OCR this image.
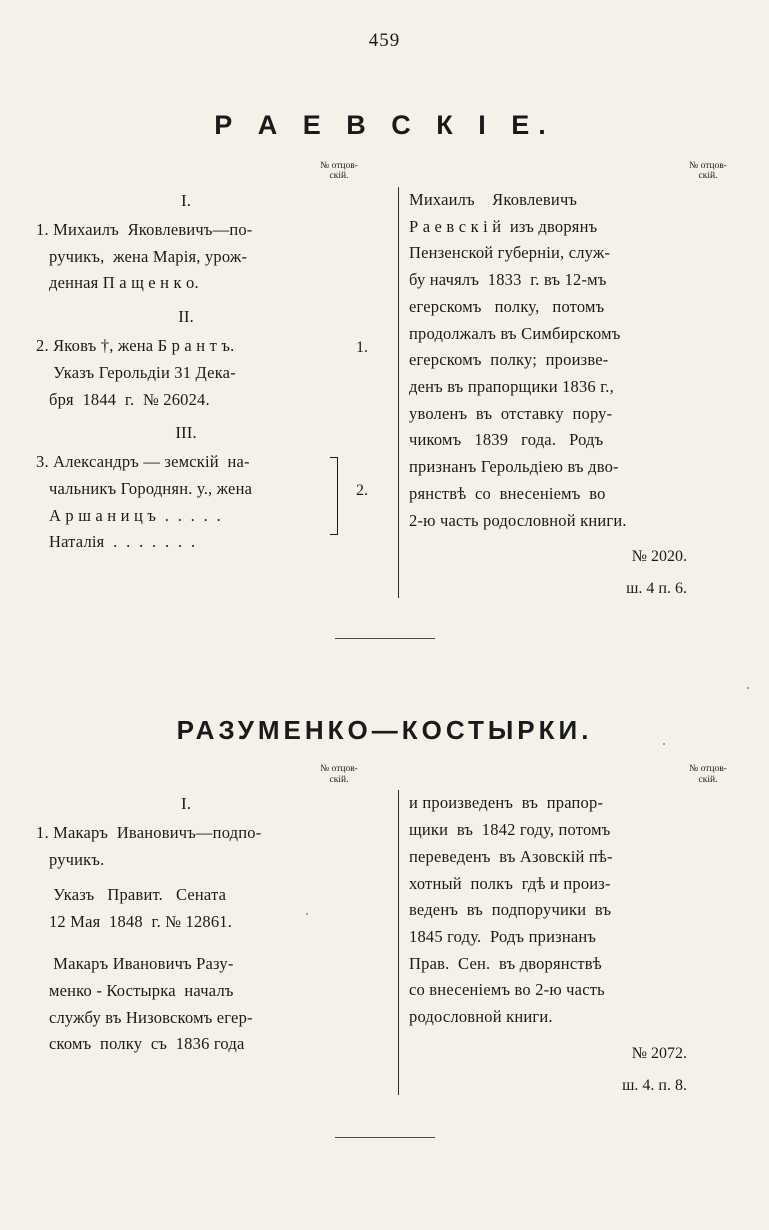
459
Р А Е В С К І Е.
№ отцов- скій.
№ отцов- скій.
I.
1. Михаилъ  Яковлевичъ—по-
ручикъ,  жена Марія, урож-
денная П а щ е н к о.
II.
2. Яковъ †, жена Б р а н т ъ.
Указъ Герольдіи 31 Дека-
бря  1844  г.  № 26024.
III.
3. Александръ — земскій  на-
чальникъ Городнян. у., жена
А р ш а н и ц ъ  .  .  .  .  .
Наталія  .  .  .  .  .  .  .
1.
2.
Михаилъ    Яковлевичъ
Р а е в с к і й  изъ дворянъ
Пензенской губерніи, служ-
бу начялъ  1833  г. въ 12-мъ
егерскомъ   полку,   потомъ
продолжалъ въ Симбирскомъ
егерскомъ  полку;  произве-
денъ въ прапорщики 1836 г.,
уволенъ  въ  отставку  пору-
чикомъ   1839   года.   Родъ
признанъ Герольдіею въ дво-
рянствѣ  со  внесеніемъ  во
2-ю часть родословной книги.
№ 2020.
ш. 4 п. 6.
РАЗУМЕНКО—КОСТЫРКИ.
№ отцов- скій.
№ отцов- скій.
I.
1. Макаръ  Ивановичъ—подпо-
ручикъ.
Указъ   Правит.   Сената
12 Мая  1848  г. № 12861.
Макаръ Ивановичъ Разу-
менко - Костырка  началъ
службу въ Низовскомъ егер-
скомъ  полку  съ  1836 года
и произведенъ  въ  прапор-
щики  въ  1842 году, потомъ
переведенъ  въ Азовскій пѣ-
хотный  полкъ  гдѣ и произ-
веденъ  въ  подпоручики  въ
1845 году.  Родъ признанъ
Прав.  Сен.  въ дворянствѣ
со внесеніемъ во 2-ю часть
родословной книги.
№ 2072.
ш. 4. п. 8.
